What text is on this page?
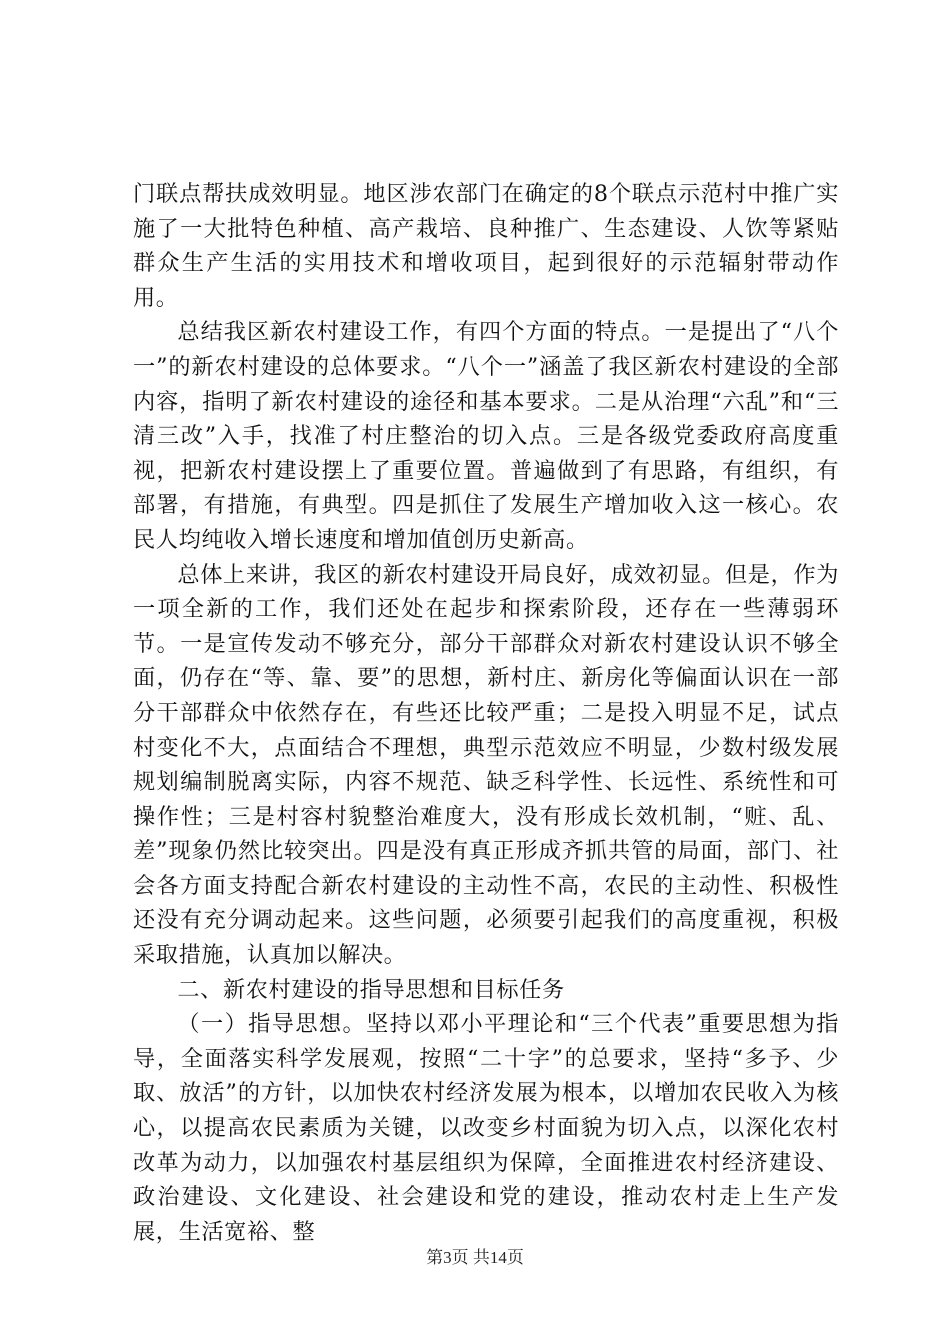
门联点帮扶成效明显。地区涉农部门在确定的8个联点示范村中推广实施了一大批特色种植、高产栽培、良种推广、生态建设、人饮等紧贴群众生产生活的实用技术和增收项目，起到很好的示范辐射带动作用。

总结我区新农村建设工作，有四个方面的特点。一是提出了“八个一”的新农村建设的总体要求。“八个一”涵盖了我区新农村建设的全部内容，指明了新农村建设的途径和基本要求。二是从治理“六乱”和“三清三改”入手，找准了村庄整治的切入点。三是各级党委政府高度重视，把新农村建设摆上了重要位置。普遍做到了有思路，有组织，有部署，有措施，有典型。四是抓住了发展生产增加收入这一核心。农民人均纯收入增长速度和增加值创历史新高。

总体上来讲，我区的新农村建设开局良好，成效初显。但是，作为一项全新的工作，我们还处在起步和探索阶段，还存在一些薄弱环节。一是宣传发动不够充分，部分干部群众对新农村建设认识不够全面，仍存在“等、靠、要”的思想，新村庄、新房化等偏面认识在一部分干部群众中依然存在，有些还比较严重；二是投入明显不足，试点村变化不大，点面结合不理想，典型示范效应不明显，少数村级发展规划编制脱离实际，内容不规范、缺乏科学性、长远性、系统性和可操作性；三是村容村貌整治难度大，没有形成长效机制，“赃、乱、差”现象仍然比较突出。四是没有真正形成齐抓共管的局面，部门、社会各方面支持配合新农村建设的主动性不高，农民的主动性、积极性还没有充分调动起来。这些问题，必须要引起我们的高度重视，积极采取措施，认真加以解决。

二、新农村建设的指导思想和目标任务

（一）指导思想。坚持以邓小平理论和“三个代表”重要思想为指导，全面落实科学发展观，按照“二十字”的总要求，坚持“多予、少取、放活”的方针，以加快农村经济发展为根本，以增加农民收入为核心，以提高农民素质为关键，以改变乡村面貌为切入点，以深化农村改革为动力，以加强农村基层组织为保障，全面推进农村经济建设、政治建设、文化建设、社会建设和党的建设，推动农村走上生产发展，生活宽裕、整

第3页 共14页
